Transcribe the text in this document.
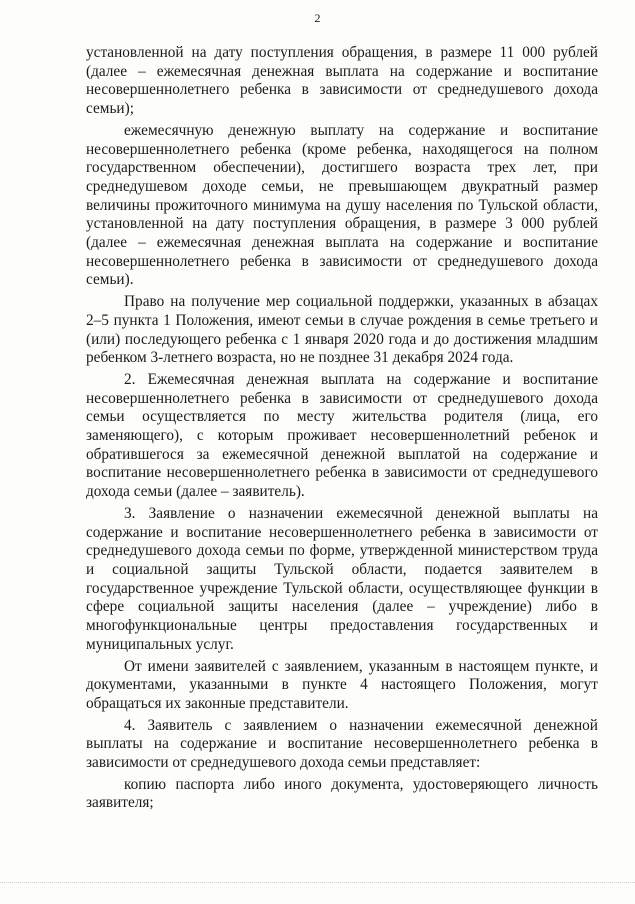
2

установленной на дату поступления обращения, в размере 11 000 рублей (далее – ежемесячная денежная выплата на содержание и воспитание несовершеннолетнего ребенка в зависимости от среднедушевого дохода семьи);

ежемесячную денежную выплату на содержание и воспитание несовершеннолетнего ребенка (кроме ребенка, находящегося на полном государственном обеспечении), достигшего возраста трех лет, при среднедушевом доходе семьи, не превышающем двукратный размер величины прожиточного минимума на душу населения по Тульской области, установленной на дату поступления обращения, в размере 3 000 рублей (далее – ежемесячная денежная выплата на содержание и воспитание несовершеннолетнего ребенка в зависимости от среднедушевого дохода семьи).

Право на получение мер социальной поддержки, указанных в абзацах 2–5 пункта 1 Положения, имеют семьи в случае рождения в семье третьего и (или) последующего ребенка с 1 января 2020 года и до достижения младшим ребенком 3-летнего возраста, но не позднее 31 декабря 2024 года.

2. Ежемесячная денежная выплата на содержание и воспитание несовершеннолетнего ребенка в зависимости от среднедушевого дохода семьи осуществляется по месту жительства родителя (лица, его заменяющего), с которым проживает несовершеннолетний ребенок и обратившегося за ежемесячной денежной выплатой на содержание и воспитание несовершеннолетнего ребенка в зависимости от среднедушевого дохода семьи (далее – заявитель).

3. Заявление о назначении ежемесячной денежной выплаты на содержание и воспитание несовершеннолетнего ребенка в зависимости от среднедушевого дохода семьи по форме, утвержденной министерством труда и социальной защиты Тульской области, подается заявителем в государственное учреждение Тульской области, осуществляющее функции в сфере социальной защиты населения (далее – учреждение) либо в многофункциональные центры предоставления государственных и муниципальных услуг.

От имени заявителей с заявлением, указанным в настоящем пункте, и документами, указанными в пункте 4 настоящего Положения, могут обращаться их законные представители.

4. Заявитель с заявлением о назначении ежемесячной денежной выплаты на содержание и воспитание несовершеннолетнего ребенка в зависимости от среднедушевого дохода семьи представляет:

копию паспорта либо иного документа, удостоверяющего личность заявителя;
